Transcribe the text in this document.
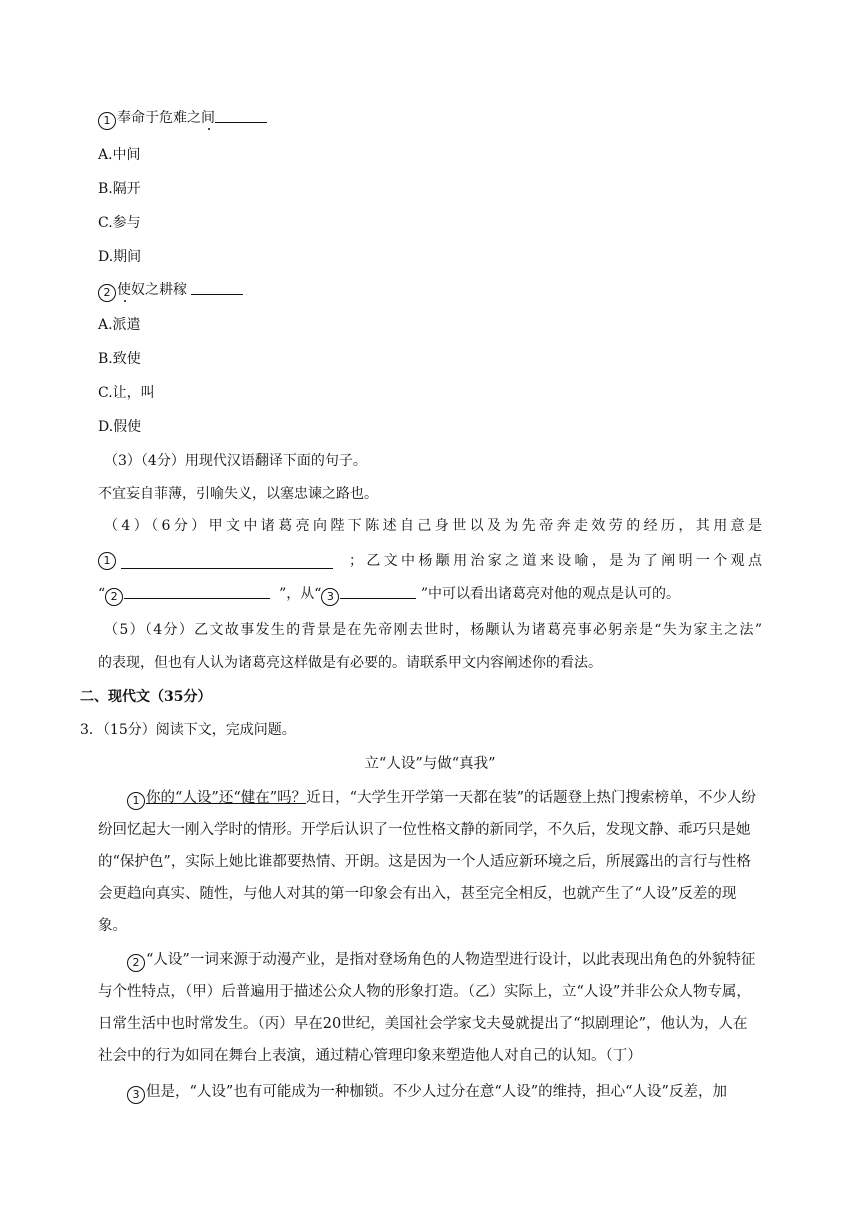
1 奉命于危难之间
A.中间
B.隔开
C.参与
D.期间
2 使奴之耕稼
A.派遣
B.致使
C.让，叫
D.假使
（3）（4分）用现代汉语翻译下面的句子。
不宜妄自菲薄，引喻失义，以塞忠谏之路也。
（4）（6分）甲文中诸葛亮向陛下陈述自己身世以及为先帝奔走效劳的经历，其用意是
1	；乙文中杨颙用治家之道来设喻，是为了阐明一个观点
“ 2	”，从“ 3	”中可以看出诸葛亮对他的观点是认可的。
（5）（4分）乙文故事发生的背景是在先帝刚去世时，杨颙认为诸葛亮事必躬亲是“失为家主之法”
的表现，但也有人认为诸葛亮这样做是有必要的。请联系甲文内容阐述你的看法。
二、现代文（35分）
3．（15分）阅读下文，完成问题。
立“人设”与做“真我”
1 你的“人设”还“健在”吗？近日，“大学生开学第一天都在装”的话题登上热门搜索榜单，不少人纷纷回忆起大一刚入学时的情形。开学后认识了一位性格文静的新同学，不久后，发现文静、乖巧只是她的“保护色”，实际上她比谁都要热情、开朗。这是因为一个人适应新环境之后，所展露出的言行与性格会更趋向真实、随性，与他人对其的第一印象会有出入，甚至完全相反，也就产生了“人设”反差的现象。
2 “人设”一词来源于动漫产业，是指对登场角色的人物造型进行设计，以此表现出角色的外貌特征与个性特点，（甲）后普遍用于描述公众人物的形象打造。（乙）实际上，立“人设”并非公众人物专属，日常生活中也时常发生。（丙）早在20世纪，美国社会学家戈夫曼就提出了“拟剧理论”，他认为，人在社会中的行为如同在舞台上表演，通过精心管理印象来塑造他人对自己的认知。（丁）
3 但是，“人设”也有可能成为一种枷锁。不少人过分在意“人设”的维持，担心“人设”反差，加
